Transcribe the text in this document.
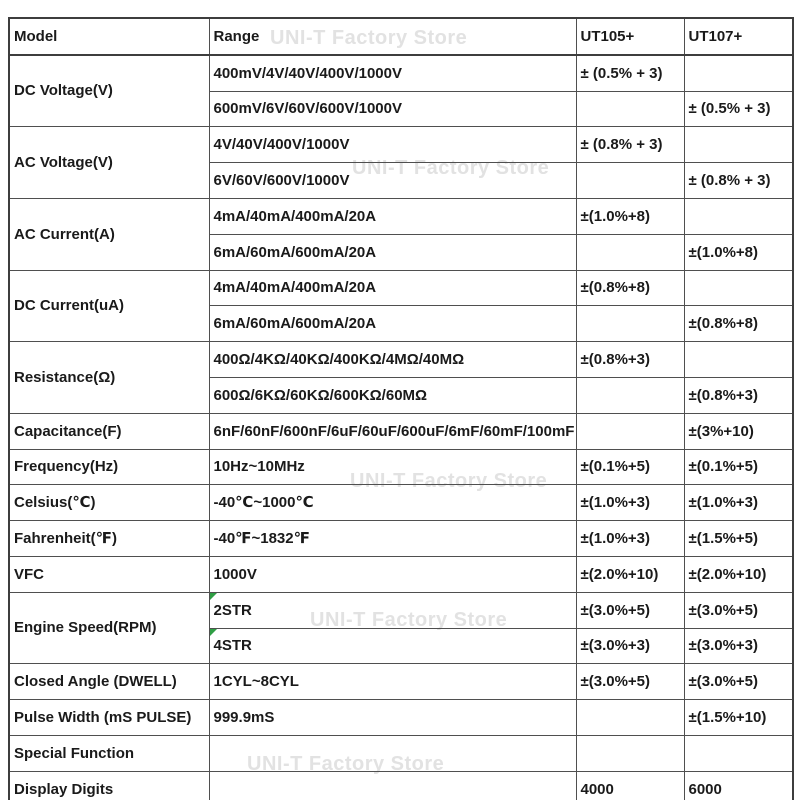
UNI-T Factory Store
UNI-T Factory Store
UNI-T Factory Store
UNI-T Factory Store
UNI-T Factory Store
Model	Range	UT105+	UT107+
DC Voltage(V)	400mV/4V/40V/400V/1000V	± (0.5% + 3)	
	600mV/6V/60V/600V/1000V		± (0.5% + 3)
AC Voltage(V)	4V/40V/400V/1000V	± (0.8% + 3)	
	6V/60V/600V/1000V		± (0.8% + 3)
AC Current(A)	4mA/40mA/400mA/20A	±(1.0%+8)	
	6mA/60mA/600mA/20A		±(1.0%+8)
DC Current(uA)	4mA/40mA/400mA/20A	±(0.8%+8)	
	6mA/60mA/600mA/20A		±(0.8%+8)
Resistance(Ω)	400Ω/4KΩ/40KΩ/400KΩ/4MΩ/40MΩ	±(0.8%+3)	
	600Ω/6KΩ/60KΩ/600KΩ/60MΩ		±(0.8%+3)
Capacitance(F)	6nF/60nF/600nF/6uF/60uF/600uF/6mF/60mF/100mF		±(3%+10)
Frequency(Hz)	10Hz~10MHz	±(0.1%+5)	±(0.1%+5)
Celsius(℃)	-40℃~1000℃	±(1.0%+3)	±(1.0%+3)
Fahrenheit(℉)	-40℉~1832℉	±(1.0%+3)	±(1.5%+5)
VFC	1000V	±(2.0%+10)	±(2.0%+10)
Engine Speed(RPM)	2STR	±(3.0%+5)	±(3.0%+5)
	4STR	±(3.0%+3)	±(3.0%+3)
Closed Angle (DWELL)	1CYL~8CYL	±(3.0%+5)	±(3.0%+5)
Pulse Width (mS PULSE)	999.9mS		±(1.5%+10)
Special Function			
Display Digits		4000	6000
